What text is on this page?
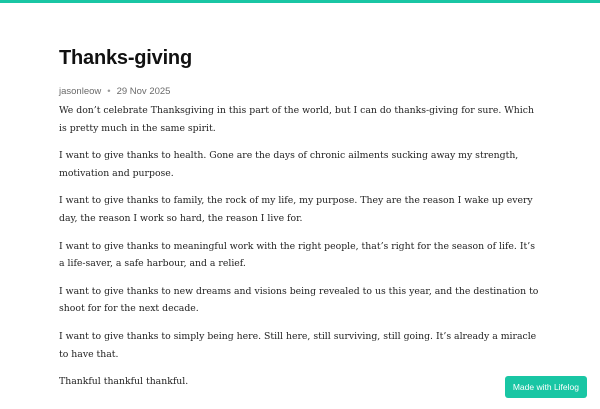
Thanks-giving
jasonleow • 29 Nov 2025

We don’t celebrate Thanksgiving in this part of the world, but I can do thanks-giving for sure. Which is pretty much in the same spirit.

I want to give thanks to health. Gone are the days of chronic ailments sucking away my strength, motivation and purpose.

I want to give thanks to family, the rock of my life, my purpose. They are the reason I wake up every day, the reason I work so hard, the reason I live for.

I want to give thanks to meaningful work with the right people, that’s right for the season of life. It’s a life-saver, a safe harbour, and a relief.

I want to give thanks to new dreams and visions being revealed to us this year, and the destination to shoot for for the next decade.

I want to give thanks to simply being here. Still here, still surviving, still going. It’s already a miracle to have that.

Thankful thankful thankful.	Made with Lifelog
